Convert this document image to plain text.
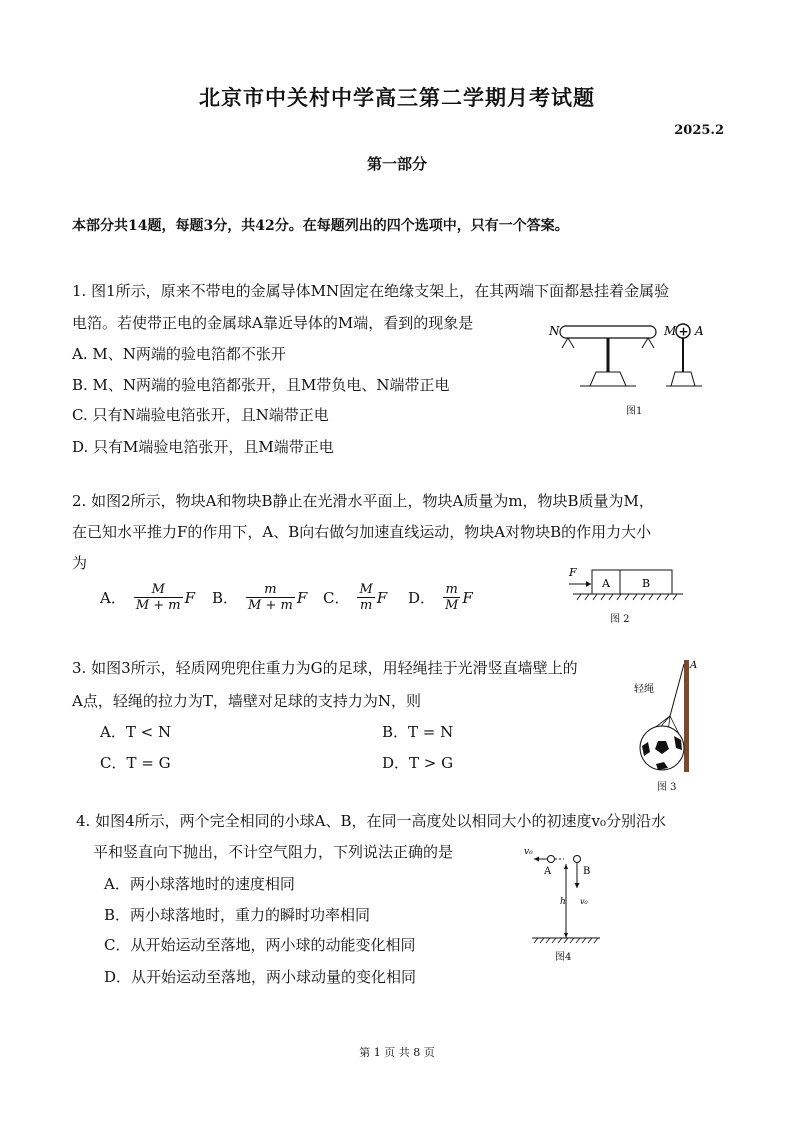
北京市中关村中学高三第二学期月考试题
2025.2
第一部分
本部分共14题，每题3分，共42分。在每题列出的四个选项中，只有一个答案。
1. 图1所示，原来不带电的金属导体MN固定在绝缘支架上，在其两端下面都悬挂着金属验
电箔。若使带正电的金属球A靠近导体的M端，看到的现象是
A. M、N两端的验电箔都不张开
B. M、N两端的验电箔都张开，且M带负电、N端带正电
C. 只有N端验电箔张开，且N端带正电
D. 只有M端验电箔张开，且M端带正电
N	M + A
图1
2. 如图2所示，物块A和物块B静止在光滑水平面上，物块A质量为m，物块B质量为M，
在已知水平推力F的作用下，A、B向右做匀加速直线运动，物块A对物块B的作用力大小
为
A． $\frac{M}{M + m}$ F B． $\frac{m}{M + m}$ F C． $\frac{M}{m}$ F D． $\frac{m}{M}$ F
F
A	B
图 2
3. 如图3所示，轻质网兜兜住重力为G的足球，用轻绳挂于光滑竖直墙壁上的
A点，轻绳的拉力为T，墙壁对足球的支持力为N，则
A．T < N	B．T = N
C．T = G	D．T > G
A
轻绳
图 3
4. 如图4所示，两个完全相同的小球A、B，在同一高度处以相同大小的初速度v₀分别沿水
平和竖直向下抛出，不计空气阻力，下列说法正确的是
A．两小球落地时的速度相同
B．两小球落地时，重力的瞬时功率相同
C．从开始运动至落地，两小球的动能变化相同
D．从开始运动至落地，两小球动量的变化相同
v₀
A	B
v₀
h
图4
第 1 页 共 8 页
